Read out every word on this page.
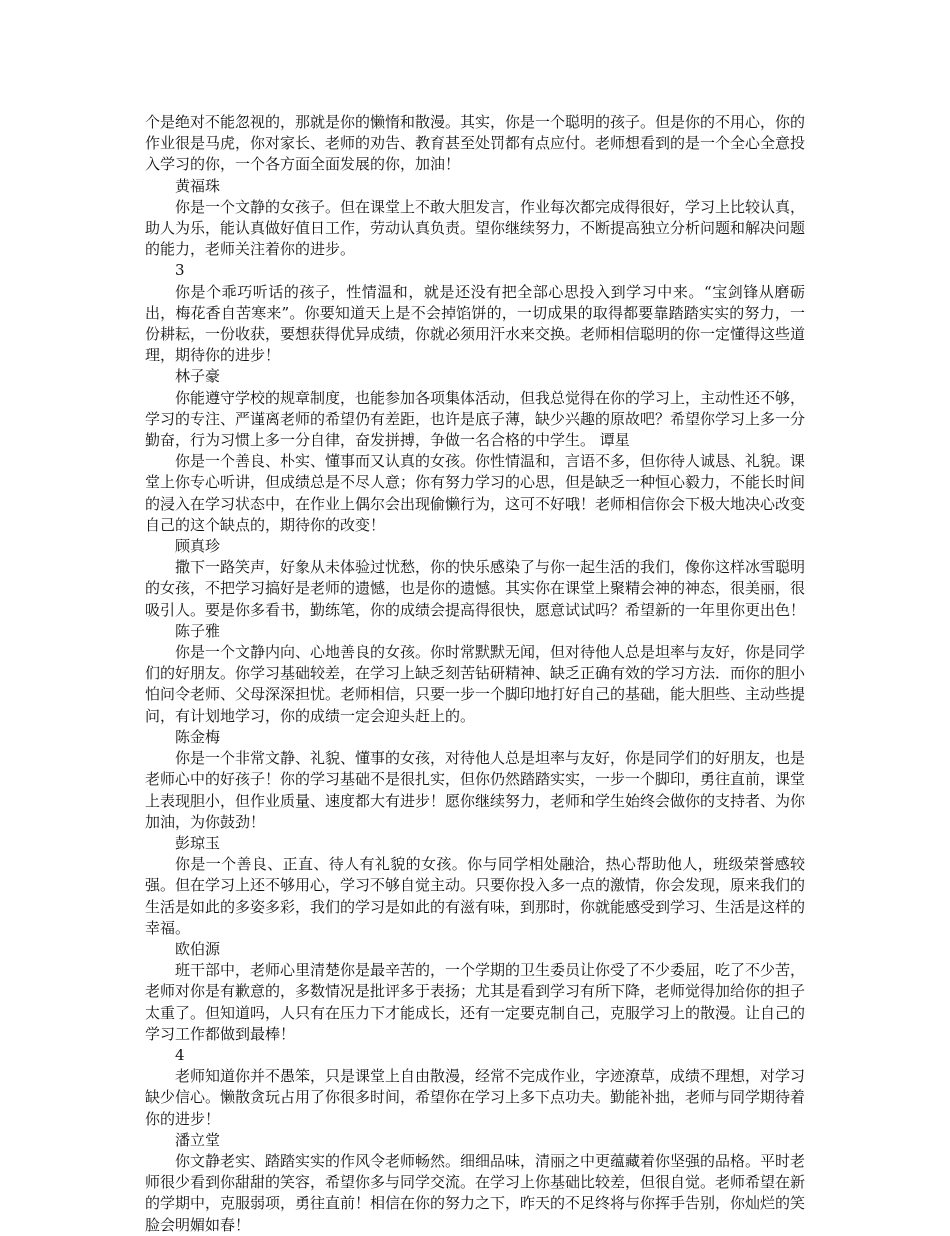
个是绝对不能忽视的，那就是你的懒惰和散漫。其实，你是一个聪明的孩子。但是你的不用心，你的作业很是马虎，你对家长、老师的劝告、教育甚至处罚都有点应付。老师想看到的是一个全心全意投入学习的你，一个各方面全面发展的你，加油！

黄福珠

你是一个文静的女孩子。但在课堂上不敢大胆发言，作业每次都完成得很好，学习上比较认真，助人为乐，能认真做好值日工作，劳动认真负责。望你继续努力，不断提高独立分析问题和解决问题的能力，老师关注着你的进步。

3

你是个乖巧听话的孩子，性情温和，就是还没有把全部心思投入到学习中来。“宝剑锋从磨砺出，梅花香自苦寒来”。你要知道天上是不会掉馅饼的，一切成果的取得都要靠踏踏实实的努力，一份耕耘，一份收获，要想获得优异成绩，你就必须用汗水来交换。老师相信聪明的你一定懂得这些道理，期待你的进步！

林子豪

你能遵守学校的规章制度，也能参加各项集体活动，但我总觉得在你的学习上，主动性还不够，学习的专注、严谨离老师的希望仍有差距，也许是底子薄，缺少兴趣的原故吧？希望你学习上多一分勤奋，行为习惯上多一分自律，奋发拼搏，争做一名合格的中学生。 谭星

你是一个善良、朴实、懂事而又认真的女孩。你性情温和，言语不多，但你待人诚恳、礼貌。课堂上你专心听讲，但成绩总是不尽人意；你有努力学习的心思，但是缺乏一种恒心毅力，不能长时间的浸入在学习状态中，在作业上偶尔会出现偷懒行为，这可不好哦！老师相信你会下极大地决心改变自己的这个缺点的，期待你的改变！

顾真珍

撒下一路笑声，好象从未体验过忧愁，你的快乐感染了与你一起生活的我们，像你这样冰雪聪明的女孩，不把学习搞好是老师的遗憾，也是你的遗憾。其实你在课堂上聚精会神的神态，很美丽，很吸引人。要是你多看书，勤练笔，你的成绩会提高得很快，愿意试试吗？希望新的一年里你更出色！

陈子雅

你是一个文静内向、心地善良的女孩。你时常默默无闻，但对待他人总是坦率与友好，你是同学们的好朋友。你学习基础较差，在学习上缺乏刻苦钻研精神、缺乏正确有效的学习方法．而你的胆小怕问令老师、父母深深担忧。老师相信，只要一步一个脚印地打好自己的基础，能大胆些、主动些提问，有计划地学习，你的成绩一定会迎头赶上的。

陈金梅

你是一个非常文静、礼貌、懂事的女孩，对待他人总是坦率与友好，你是同学们的好朋友，也是老师心中的好孩子！你的学习基础不是很扎实，但你仍然踏踏实实，一步一个脚印，勇往直前，课堂上表现胆小，但作业质量、速度都大有进步！愿你继续努力，老师和学生始终会做你的支持者、为你加油，为你鼓劲！

彭琼玉

你是一个善良、正直、待人有礼貌的女孩。你与同学相处融洽，热心帮助他人，班级荣誉感较强。但在学习上还不够用心，学习不够自觉主动。只要你投入多一点的激情，你会发现，原来我们的生活是如此的多姿多彩，我们的学习是如此的有滋有味，到那时，你就能感受到学习、生活是这样的幸福。

欧伯源

班干部中，老师心里清楚你是最辛苦的，一个学期的卫生委员让你受了不少委屈，吃了不少苦，老师对你是有歉意的，多数情况是批评多于表扬；尤其是看到学习有所下降，老师觉得加给你的担子太重了。但知道吗，人只有在压力下才能成长，还有一定要克制自己，克服学习上的散漫。让自己的学习工作都做到最棒！

4

老师知道你并不愚笨，只是课堂上自由散漫，经常不完成作业，字迹潦草，成绩不理想，对学习缺少信心。懒散贪玩占用了你很多时间，希望你在学习上多下点功夫。勤能补拙，老师与同学期待着你的进步！

潘立堂

你文静老实、踏踏实实的作风令老师畅然。细细品味，清丽之中更蕴藏着你坚强的品格。平时老师很少看到你甜甜的笑容，希望你多与同学交流。在学习上你基础比较差，但很自觉。老师希望在新的学期中，克服弱项，勇往直前！相信在你的努力之下，昨天的不足终将与你挥手告别，你灿烂的笑脸会明媚如春！
